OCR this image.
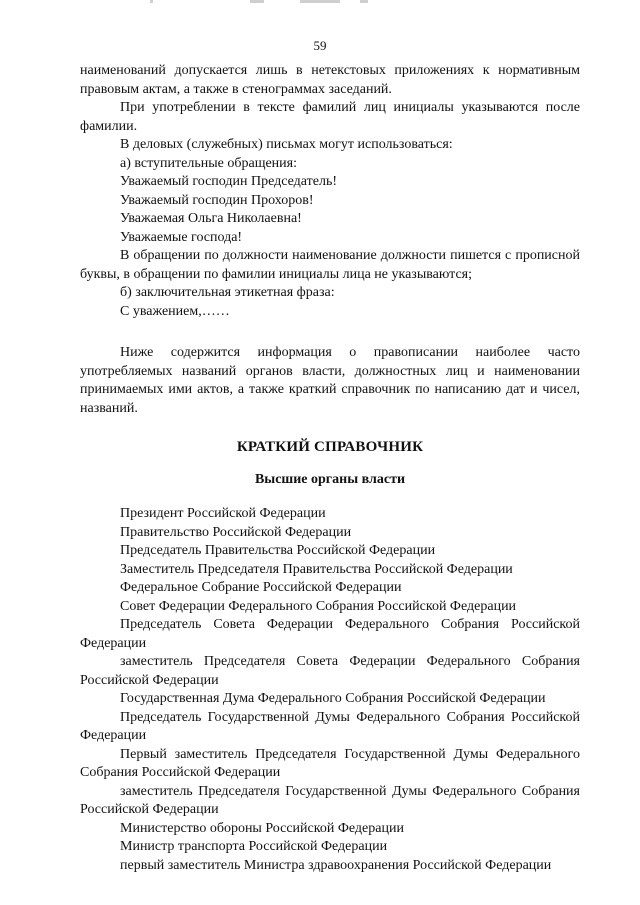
59

наименований допускается лишь в нетекстовых приложениях к нормативным правовым актам, а также в стенограммах заседаний.

При употреблении в тексте фамилий лиц инициалы указываются после фамилии.

В деловых (служебных) письмах могут использоваться:

а) вступительные обращения:

Уважаемый господин Председатель!

Уважаемый господин Прохоров!

Уважаемая Ольга Николаевна!

Уважаемые господа!

В обращении по должности наименование должности пишется с прописной буквы, в обращении по фамилии инициалы лица не указываются;

б) заключительная этикетная фраза:

С уважением,……

Ниже содержится информация о правописании наиболее часто употребляемых названий органов власти, должностных лиц и наименовании принимаемых ими актов, а также краткий справочник по написанию дат и чисел, названий.

КРАТКИЙ СПРАВОЧНИК
Высшие органы власти

Президент Российской Федерации

Правительство Российской Федерации

Председатель Правительства Российской Федерации

Заместитель Председателя Правительства Российской Федерации

Федеральное Собрание Российской Федерации

Совет Федерации Федерального Собрания Российской Федерации

Председатель Совета Федерации Федерального Собрания Российской Федерации

заместитель Председателя Совета Федерации Федерального Собрания Российской Федерации

Государственная Дума Федерального Собрания Российской Федерации

Председатель Государственной Думы Федерального Собрания Российской Федерации

Первый заместитель Председателя Государственной Думы Федерального Собрания Российской Федерации

заместитель Председателя Государственной Думы Федерального Собрания Российской Федерации

Министерство обороны Российской Федерации

Министр транспорта Российской Федерации

первый заместитель Министра здравоохранения Российской Федерации
